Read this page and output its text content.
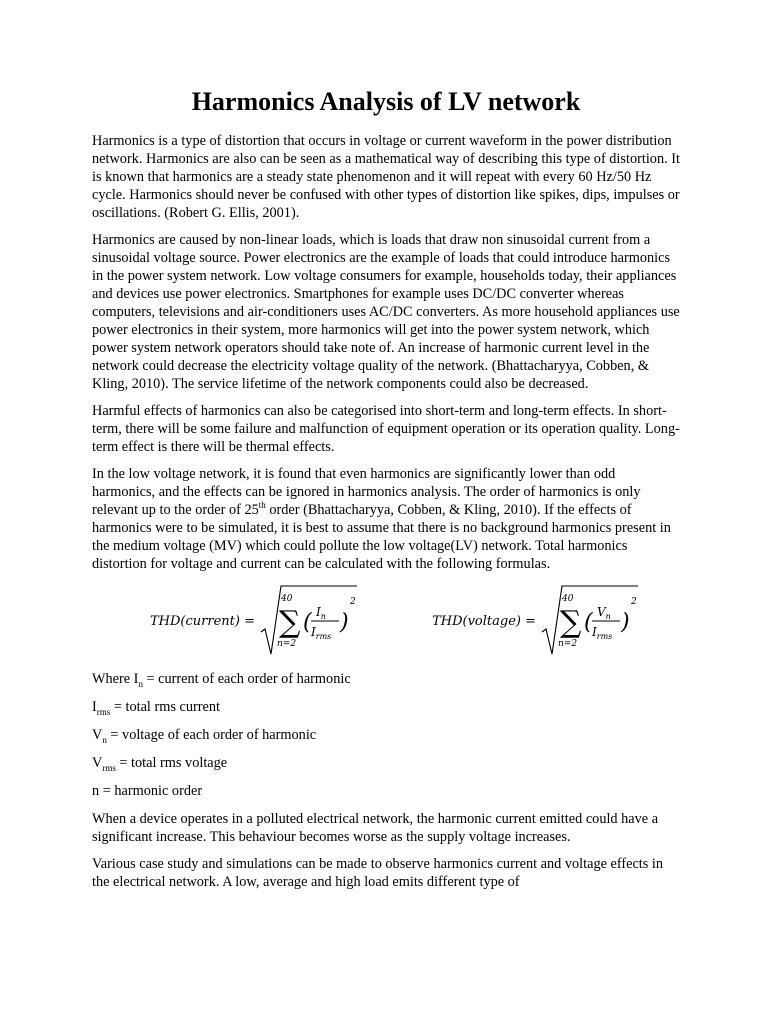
Harmonics Analysis of LV network

Harmonics is a type of distortion that occurs in voltage or current waveform in the power distribution network. Harmonics are also can be seen as a mathematical way of describing this type of distortion. It is known that harmonics are a steady state phenomenon and it will repeat with every 60 Hz/50 Hz cycle. Harmonics should never be confused with other types of distortion like spikes, dips, impulses or oscillations. (Robert G. Ellis, 2001).

Harmonics are caused by non-linear loads, which is loads that draw non sinusoidal current from a sinusoidal voltage source. Power electronics are the example of loads that could introduce harmonics in the power system network. Low voltage consumers for example, households today, their appliances and devices use power electronics. Smartphones for example uses DC/DC converter whereas computers, televisions and air-conditioners uses AC/DC converters. As more household appliances use power electronics in their system, more harmonics will get into the power system network, which power system network operators should take note of. An increase of harmonic current level in the network could decrease the electricity voltage quality of the network. (Bhattacharyya, Cobben, & Kling, 2010). The service lifetime of the network components could also be decreased.

Harmful effects of harmonics can also be categorised into short-term and long-term effects. In short-term, there will be some failure and malfunction of equipment operation or its operation quality. Long-term effect is there will be thermal effects.

In the low voltage network, it is found that even harmonics are significantly lower than odd harmonics, and the effects can be ignored in harmonics analysis. The order of harmonics is only relevant up to the order of 25th order (Bhattacharyya, Cobben, & Kling, 2010). If the effects of harmonics were to be simulated, it is best to assume that there is no background harmonics present in the medium voltage (MV) which could pollute the low voltage(LV) network. Total harmonics distortion for voltage and current can be calculated with the following formulas.

THD(current) =
40
∑
n=2
( $I_n$
$I_{rms}$
)
2
THD(voltage) =
40
∑
n=2
( $V_n$
$I_{rms}$
)
2

Where $I_n$ = current of each order of harmonic

$I_{rms}$ = total rms current

$V_n$ = voltage of each order of harmonic

$V_{rms}$ = total rms voltage

n = harmonic order

When a device operates in a polluted electrical network, the harmonic current emitted could have a significant increase. This behaviour becomes worse as the supply voltage increases.

Various case study and simulations can be made to observe harmonics current and voltage effects in the electrical network. A low, average and high load emits different type of
